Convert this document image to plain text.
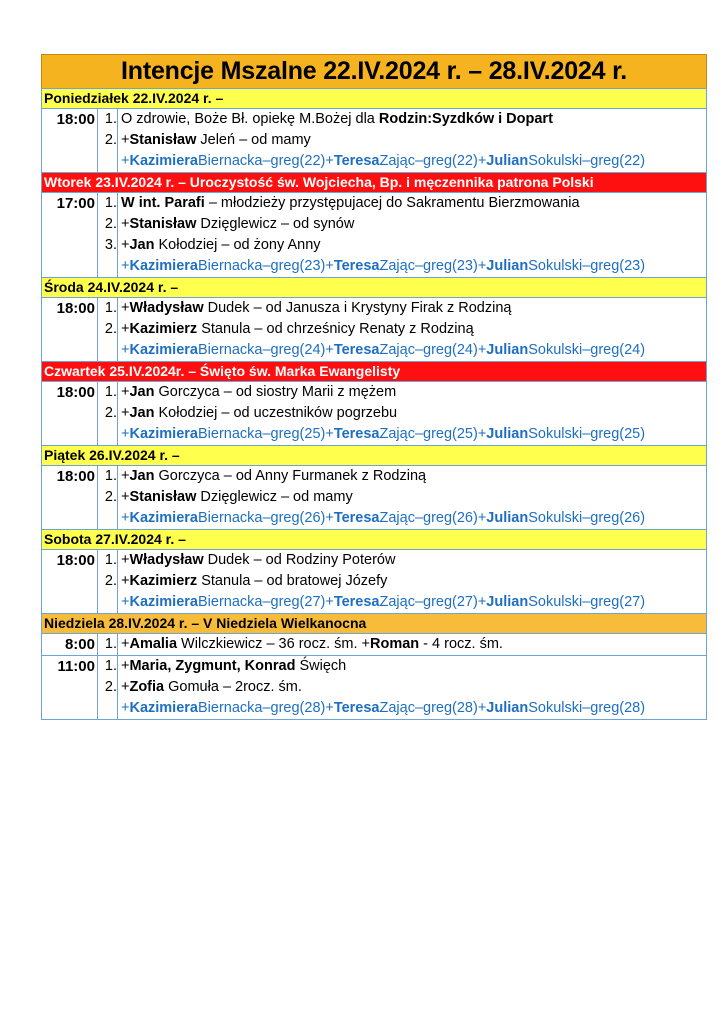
Intencje Mszalne 22.IV.2024 r. – 28.IV.2024 r.
Poniedziałek 22.IV.2024 r. –
18:00 1. O zdrowie, Boże Bł. opiekę M.Bożej dla Rodzin:Syzdków i Dopart
2. +Stanisław Jeleń – od mamy
+KazimieraBiernacka–greg(22)+TeresaZając–greg(22)+JulianSokulski–greg(22)
Wtorek 23.IV.2024 r. – Uroczystość św. Wojciecha, Bp. i męczennika patrona Polski
17:00 1. W int. Parafi – młodzieży przystępujacej do Sakramentu Bierzmowania
2. +Stanisław Dzięglewicz – od synów
3. +Jan Kołodziej – od żony Anny
+KazimieraBiernacka–greg(23)+TeresaZając–greg(23)+JulianSokulski–greg(23)
Środa 24.IV.2024 r. –
18:00 1. +Władysław Dudek – od Janusza i Krystyny Firak z Rodziną
2. +Kazimierz Stanula – od chrześnicy Renaty z Rodziną
+KazimieraBiernacka–greg(24)+TeresaZając–greg(24)+JulianSokulski–greg(24)
Czwartek 25.IV.2024r. – Święto św. Marka Ewangelisty
18:00 1. +Jan Gorczyca – od siostry Marii z mężem
2. +Jan Kołodziej – od uczestników pogrzebu
+KazimieraBiernacka–greg(25)+TeresaZając–greg(25)+JulianSokulski–greg(25)
Piątek 26.IV.2024 r. –
18:00 1. +Jan Gorczyca – od Anny Furmanek z Rodziną
2. +Stanisław Dzięglewicz – od mamy
+KazimieraBiernacka–greg(26)+TeresaZając–greg(26)+JulianSokulski–greg(26)
Sobota 27.IV.2024 r. –
18:00 1. +Władysław Dudek – od Rodziny Poterów
2. +Kazimierz Stanula – od bratowej Józefy
+KazimieraBiernacka–greg(27)+TeresaZając–greg(27)+JulianSokulski–greg(27)
Niedziela 28.IV.2024 r. – V Niedziela Wielkanocna
8:00 1. +Amalia Wilczkiewicz – 36 rocz. śm. +Roman - 4 rocz. śm.
11:00 1. +Maria, Zygmunt, Konrad Święch
2. +Zofia Gomuła – 2rocz. śm.
+KazimieraBiernacka–greg(28)+TeresaZając–greg(28)+JulianSokulski–greg(28)
